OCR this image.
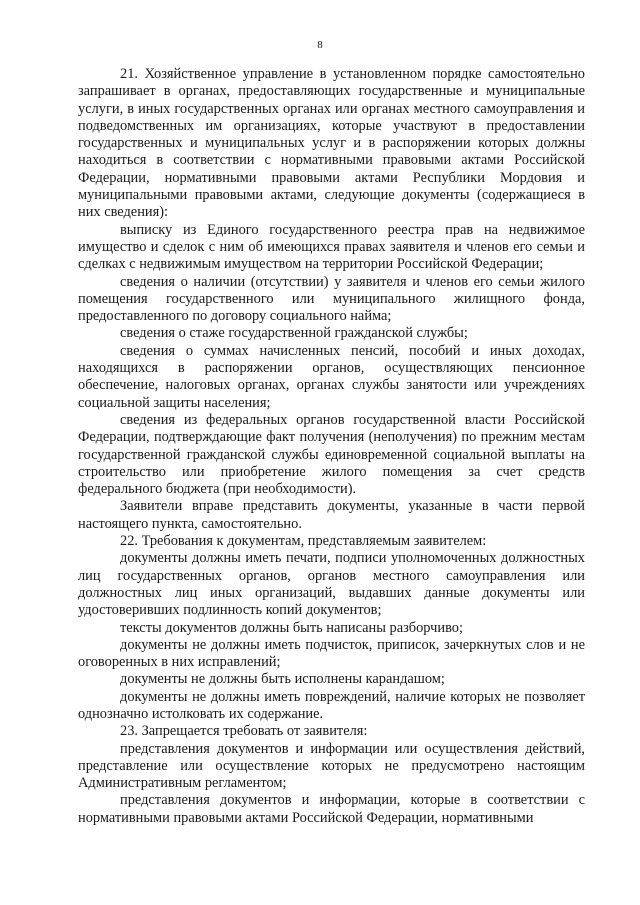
8

21. Хозяйственное управление в установленном порядке самостоятельно запрашивает в органах, предоставляющих государственные и муниципальные услуги, в иных государственных органах или органах местного самоуправления и подведомственных им организациях, которые участвуют в предоставлении государственных и муниципальных услуг и в распоряжении которых должны находиться в соответствии с нормативными правовыми актами Российской Федерации, нормативными правовыми актами Республики Мордовия и муниципальными правовыми актами, следующие документы (содержащиеся в них сведения):

выписку из Единого государственного реестра прав на недвижимое имущество и сделок с ним об имеющихся правах заявителя и членов его семьи и сделках с недвижимым имуществом на территории Российской Федерации;

сведения о наличии (отсутствии) у заявителя и членов его семьи жилого помещения государственного или муниципального жилищного фонда, предоставленного по договору социального найма;

сведения о стаже государственной гражданской службы;

сведения о суммах начисленных пенсий, пособий и иных доходах, находящихся в распоряжении органов, осуществляющих пенсионное обеспечение, налоговых органах, органах службы занятости или учреждениях социальной защиты населения;

сведения из федеральных органов государственной власти Российской Федерации, подтверждающие факт получения (неполучения) по прежним местам государственной гражданской службы единовременной социальной выплаты на строительство или приобретение жилого помещения за счет средств федерального бюджета (при необходимости).

Заявители вправе представить документы, указанные в части первой настоящего пункта, самостоятельно.

22. Требования к документам, представляемым заявителем:

документы должны иметь печати, подписи уполномоченных должностных лиц государственных органов, органов местного самоуправления или должностных лиц иных организаций, выдавших данные документы или удостоверивших подлинность копий документов;

тексты документов должны быть написаны разборчиво;

документы не должны иметь подчисток, приписок, зачеркнутых слов и не оговоренных в них исправлений;

документы не должны быть исполнены карандашом;

документы не должны иметь повреждений, наличие которых не позволяет однозначно истолковать их содержание.

23. Запрещается требовать от заявителя:

представления документов и информации или осуществления действий, представление или осуществление которых не предусмотрено настоящим Административным регламентом;

представления документов и информации, которые в соответствии с нормативными правовыми актами Российской Федерации, нормативными
